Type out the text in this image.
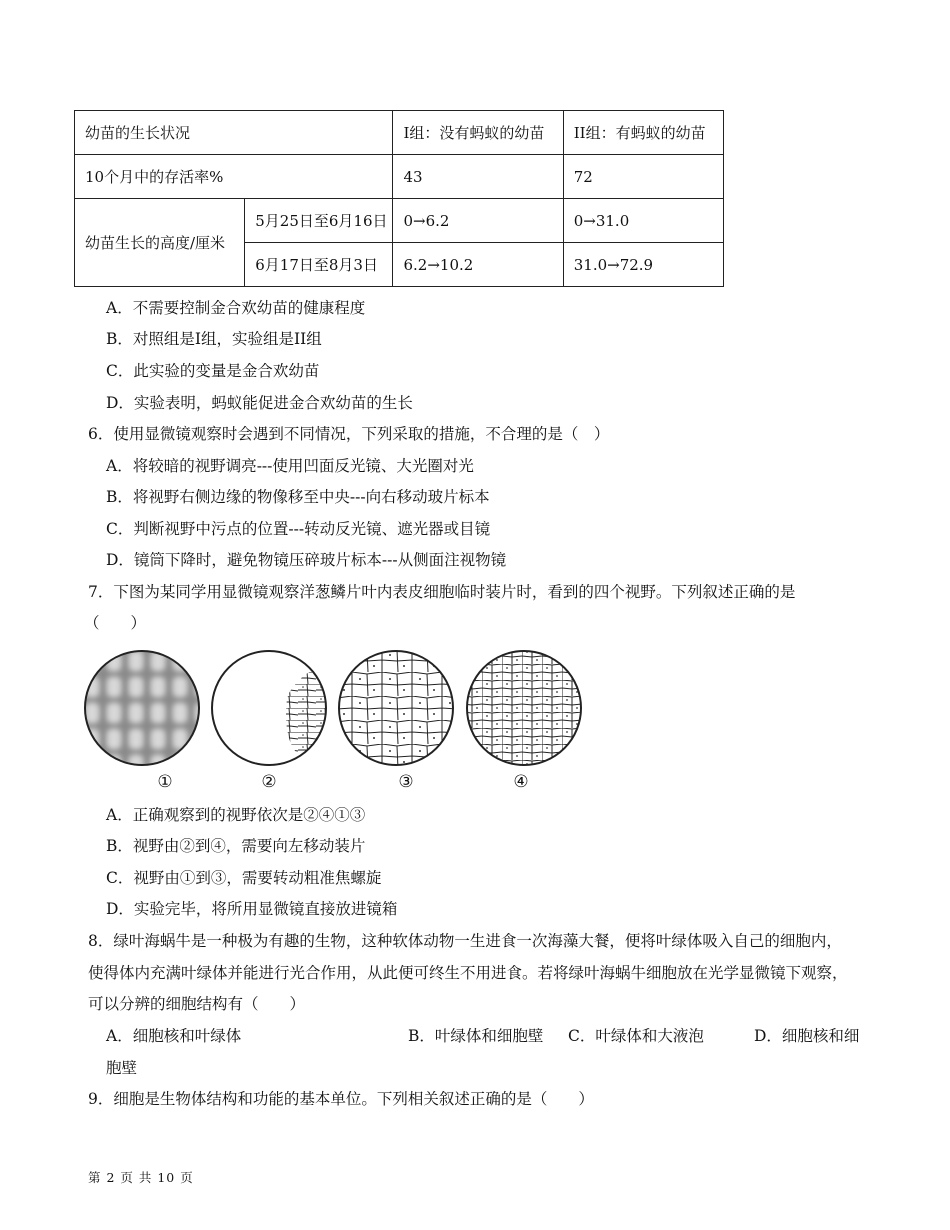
幼苗的生长状况		I组：没有蚂蚁的幼苗	II组：有蚂蚁的幼苗
10个月中的存活率%		43	72
幼苗生长的高度/厘米	5月25日至6月16日	0→6.2	0→31.0
	6月17日至8月3日	6.2→10.2	31.0→72.9
A．不需要控制金合欢幼苗的健康程度
B．对照组是I组，实验组是II组
C．此实验的变量是金合欢幼苗
D．实验表明，蚂蚁能促进金合欢幼苗的生长
6．使用显微镜观察时会遇到不同情况，下列采取的措施，不合理的是（　）
A．将较暗的视野调亮---使用凹面反光镜、大光圈对光
B．将视野右侧边缘的物像移至中央---向右移动玻片标本
C．判断视野中污点的位置---转动反光镜、遮光器或目镜
D．镜筒下降时，避免物镜压碎玻片标本---从侧面注视物镜
7．下图为某同学用显微镜观察洋葱鳞片叶内表皮细胞临时装片时，看到的四个视野。下列叙述正确的是
（　　）
①	②	③	④
A．正确观察到的视野依次是②④①③
B．视野由②到④，需要向左移动装片
C．视野由①到③，需要转动粗准焦螺旋
D．实验完毕，将所用显微镜直接放进镜箱
8．绿叶海蜗牛是一种极为有趣的生物，这种软体动物一生进食一次海藻大餐，便将叶绿体吸入自己的细胞内，
使得体内充满叶绿体并能进行光合作用，从此便可终生不用进食。若将绿叶海蜗牛细胞放在光学显微镜下观察，
可以分辨的细胞结构有（　　）
A．细胞核和叶绿体	B．叶绿体和细胞壁 C．叶绿体和大液泡	D．细胞核和细
胞壁
9．细胞是生物体结构和功能的基本单位。下列相关叙述正确的是（　　）
第 2 页 共 10 页
